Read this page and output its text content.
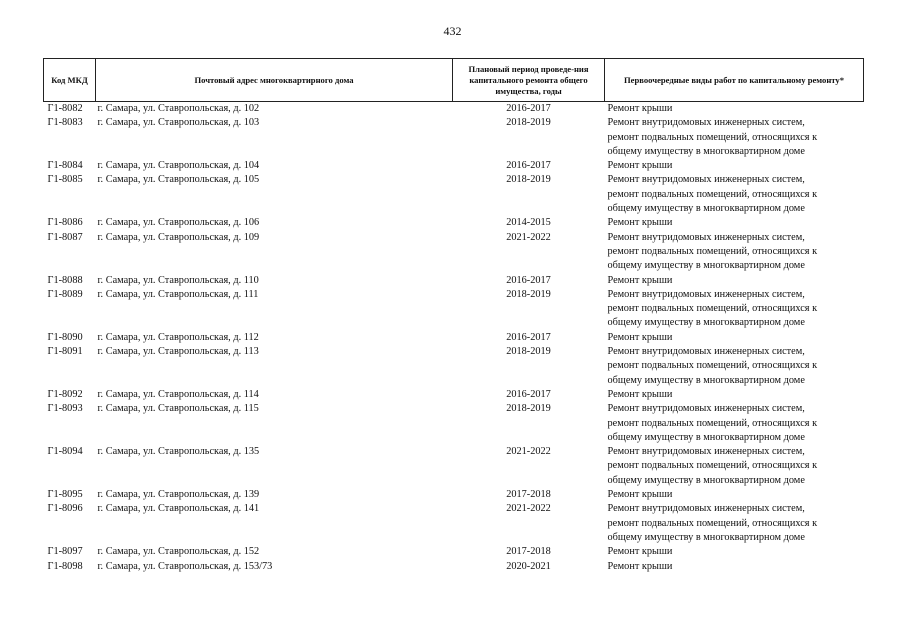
432
Код МКД	Почтовый адрес многоквартирного дома	Плановый период проведе-ния капитального ремонта общего имущества, годы	Первоочередные виды работ по капитальному ремонту*
Г1-8082	г. Самара, ул. Ставропольская, д. 102	2016-2017	Ремонт крыши

Г1-8083	г. Самара, ул. Ставропольская, д. 103	2018-2019	Ремонт внутридомовых инженерных систем,
ремонт подвальных помещений, относящихся к
общему имуществу в многоквартирном доме

Г1-8084	г. Самара, ул. Ставропольская, д. 104	2016-2017	Ремонт крыши

Г1-8085	г. Самара, ул. Ставропольская, д. 105	2018-2019	Ремонт внутридомовых инженерных систем,
ремонт подвальных помещений, относящихся к
общему имуществу в многоквартирном доме

Г1-8086	г. Самара, ул. Ставропольская, д. 106	2014-2015	Ремонт крыши

Г1-8087	г. Самара, ул. Ставропольская, д. 109	2021-2022	Ремонт внутридомовых инженерных систем,
ремонт подвальных помещений, относящихся к
общему имуществу в многоквартирном доме

Г1-8088	г. Самара, ул. Ставропольская, д. 110	2016-2017	Ремонт крыши

Г1-8089	г. Самара, ул. Ставропольская, д. 111	2018-2019	Ремонт внутридомовых инженерных систем,
ремонт подвальных помещений, относящихся к
общему имуществу в многоквартирном доме

Г1-8090	г. Самара, ул. Ставропольская, д. 112	2016-2017	Ремонт крыши

Г1-8091	г. Самара, ул. Ставропольская, д. 113	2018-2019	Ремонт внутридомовых инженерных систем,
ремонт подвальных помещений, относящихся к
общему имуществу в многоквартирном доме

Г1-8092	г. Самара, ул. Ставропольская, д. 114	2016-2017	Ремонт крыши

Г1-8093	г. Самара, ул. Ставропольская, д. 115	2018-2019	Ремонт внутридомовых инженерных систем,
ремонт подвальных помещений, относящихся к
общему имуществу в многоквартирном доме

Г1-8094	г. Самара, ул. Ставропольская, д. 135	2021-2022	Ремонт внутридомовых инженерных систем,
ремонт подвальных помещений, относящихся к
общему имуществу в многоквартирном доме

Г1-8095	г. Самара, ул. Ставропольская, д. 139	2017-2018	Ремонт крыши

Г1-8096	г. Самара, ул. Ставропольская, д. 141	2021-2022	Ремонт внутридомовых инженерных систем,
ремонт подвальных помещений, относящихся к
общему имуществу в многоквартирном доме

Г1-8097	г. Самара, ул. Ставропольская, д. 152	2017-2018	Ремонт крыши

Г1-8098	г. Самара, ул. Ставропольская, д. 153/73	2020-2021	Ремонт крыши
